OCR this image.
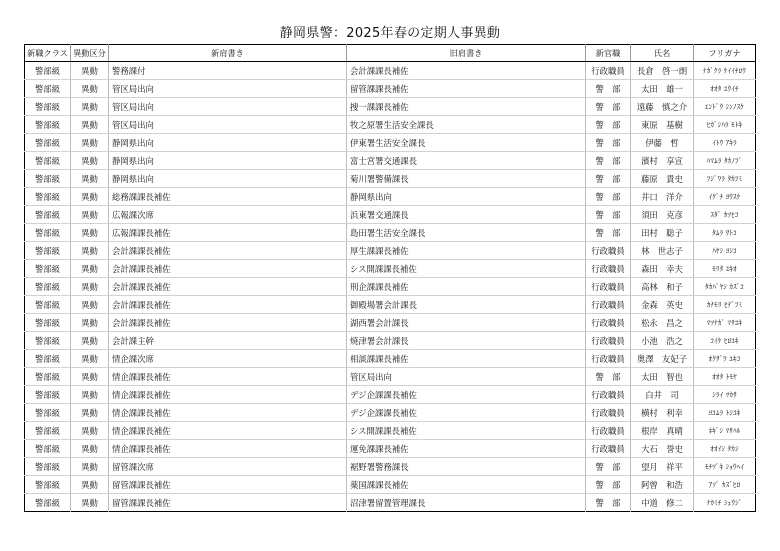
静岡県警：2025年春の定期人事異動
新職クラス	異動区分	新肩書き	旧肩書き	新官職	氏名	フリガナ
警部級	異動	警務課付	会計課課長補佐	行政職員	長倉　啓一朗	ﾅｶﾞｸﾗ ｹｲｲﾁﾛｳ
警部級	異動	管区局出向	留管課課長補佐	警　部	太田　雄一	ｵｵﾀ ﾕｳｲﾁ
警部級	異動	管区局出向	捜一課課長補佐	警　部	遠藤　慎之介	ｴﾝﾄﾞｳ ｼﾝﾉｽｹ
警部級	異動	管区局出向	牧之原署生活安全課長	警　部	東原　基樹	ﾋｶﾞｼﾊﾗ ﾓﾄｷ
警部級	異動	静岡県出向	伊東署生活安全課長	警　部	伊藤　哲	ｲﾄｳ ｱｷﾗ
警部級	異動	静岡県出向	富士宮署交通課長	警　部	濱村　享宣	ﾊﾏﾑﾗ ﾀｶﾉﾌﾞ
警部級	異動	静岡県出向	菊川署警備課長	警　部	藤原　貴史	ﾌｼﾞﾜﾗ ﾀｶﾌﾐ
警部級	異動	総務課課長補佐	静岡県出向	警　部	井口　洋介	ｲｸﾞﾁ ﾖｳｽｹ
警部級	異動	広報課次席	浜東署交通課長	警　部	須田　克彦	ｽﾀﾞ ｶﾂﾋｺ
警部級	異動	広報課課長補佐	島田署生活安全課長	警　部	田村　聡子	ﾀﾑﾗ ｻﾄｺ
警部級	異動	会計課課長補佐	厚生課課長補佐	行政職員	林　世志子	ﾊﾔｼ ﾖｼｺ
警部級	異動	会計課課長補佐	シス開課課長補佐	行政職員	森田　幸夫	ﾓﾘﾀ ﾕｷｵ
警部級	異動	会計課課長補佐	刑企課課長補佐	行政職員	高林　和子	ﾀｶﾊﾞﾔｼ ｶｽﾞｺ
警部級	異動	会計課課長補佐	御殿場署会計課長	行政職員	金森　英史	ｶﾅﾓﾘ ﾋﾃﾞﾌﾐ
警部級	異動	会計課課長補佐	湖西署会計課長	行政職員	松永　昌之	ﾏﾂﾅｶﾞ ﾏｻﾕｷ
警部級	異動	会計課主幹	焼津署会計課長	行政職員	小池　浩之	ｺｲｹ ﾋﾛﾕｷ
警部級	異動	情企課次席	相談課課長補佐	行政職員	奥澤　友妃子	ｵｸｻﾞﾜ ﾕｷｺ
警部級	異動	情企課課長補佐	管区局出向	警　部	太田　智也	ｵｵﾀ ﾄﾓﾔ
警部級	異動	情企課課長補佐	デジ企課課長補佐	行政職員	白井　司	ｼﾗｲ ﾂｶｻ
警部級	異動	情企課課長補佐	デジ企課課長補佐	行政職員	横村　利幸	ﾖｺﾑﾗ ﾄｼﾕｷ
警部級	異動	情企課課長補佐	シス開課課長補佐	行政職員	根岸　真晴	ﾈｷﾞｼ ﾏｻﾊﾙ
警部級	異動	情企課課長補佐	運免課課長補佐	行政職員	大石　誉史	ｵｵｲｼ ﾀｶｼ
警部級	異動	留管課次席	裾野署警務課長	警　部	望月　祥平	ﾓﾁﾂﾞｷ ｼｮｳﾍｲ
警部級	異動	留管課課長補佐	薬国課課長補佐	警　部	阿曾　和浩	ｱｿﾞ ｶｽﾞﾋﾛ
警部級	異動	留管課課長補佐	沼津署留置管理課長	警　部	中道　修二	ﾅｶﾐﾁ ｼｭｳｼﾞ
